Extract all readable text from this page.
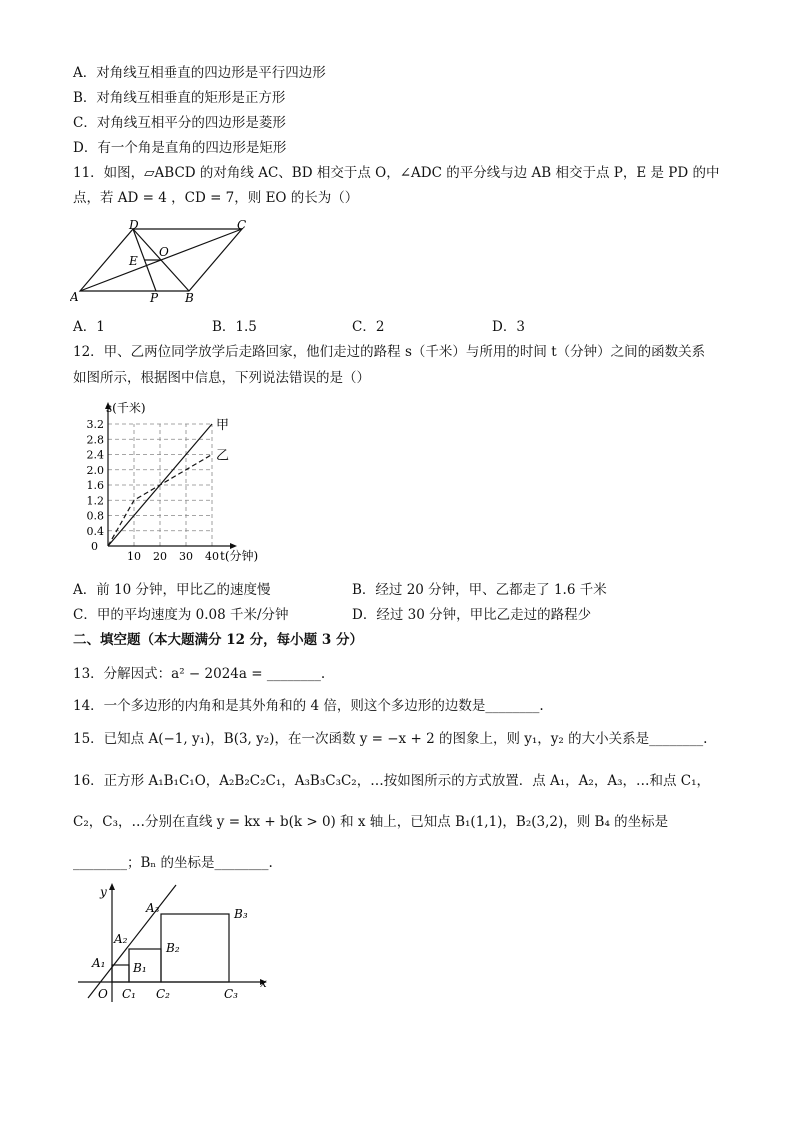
A．对角线互相垂直的四边形是平行四边形
B．对角线互相垂直的矩形是正方形
C．对角线互相平分的四边形是菱形
D．有一个角是直角的四边形是矩形
11．如图，▱ABCD 的对角线 AC、BD 相交于点 O，∠ADC 的平分线与边 AB 相交于点 P，E 是 PD 的中
点，若 AD = 4 ，CD = 7，则 EO 的长为（）
A	B
C
D
O
E
P
A．1	B．1.5	C．2	D．3
12．甲、乙两位同学放学后走路回家，他们走过的路程 s（千米）与所用的时间 t（分钟）之间的函数关系
如图所示，根据图中信息，下列说法错误的是（）
甲
乙
0.4
0.8
1.2
1.6
2.0
2.4
2.8
3.2
10 20 30 40
0
s(千米)
t(分钟)
A．前 10 分钟，甲比乙的速度慢	B．经过 20 分钟，甲、乙都走了 1.6 千米
C．甲的平均速度为 0.08 千米/分钟	D．经过 30 分钟，甲比乙走过的路程少
二、填空题（本大题满分 12 分，每小题 3 分）
13．分解因式：a² − 2024a = ________.
14．一个多边形的内角和是其外角和的 4 倍，则这个多边形的边数是________.
15．已知点 A(−1, y₁)，B(3, y₂)，在一次函数 y = −x + 2 的图象上，则 y₁，y₂ 的大小关系是________.
16．正方形 A₁B₁C₁O，A₂B₂C₂C₁，A₃B₃C₃C₂，…按如图所示的方式放置．点 A₁，A₂，A₃，…和点 C₁，
C₂，C₃，…分别在直线 y = kx + b(k > 0) 和 x 轴上，已知点 B₁(1,1)，B₂(3,2)，则 B₄ 的坐标是
________；Bₙ 的坐标是________.
y
x
O
A₁
A₂
A₃
B₁
B₂
B₃
C₁ C₂	C₃
